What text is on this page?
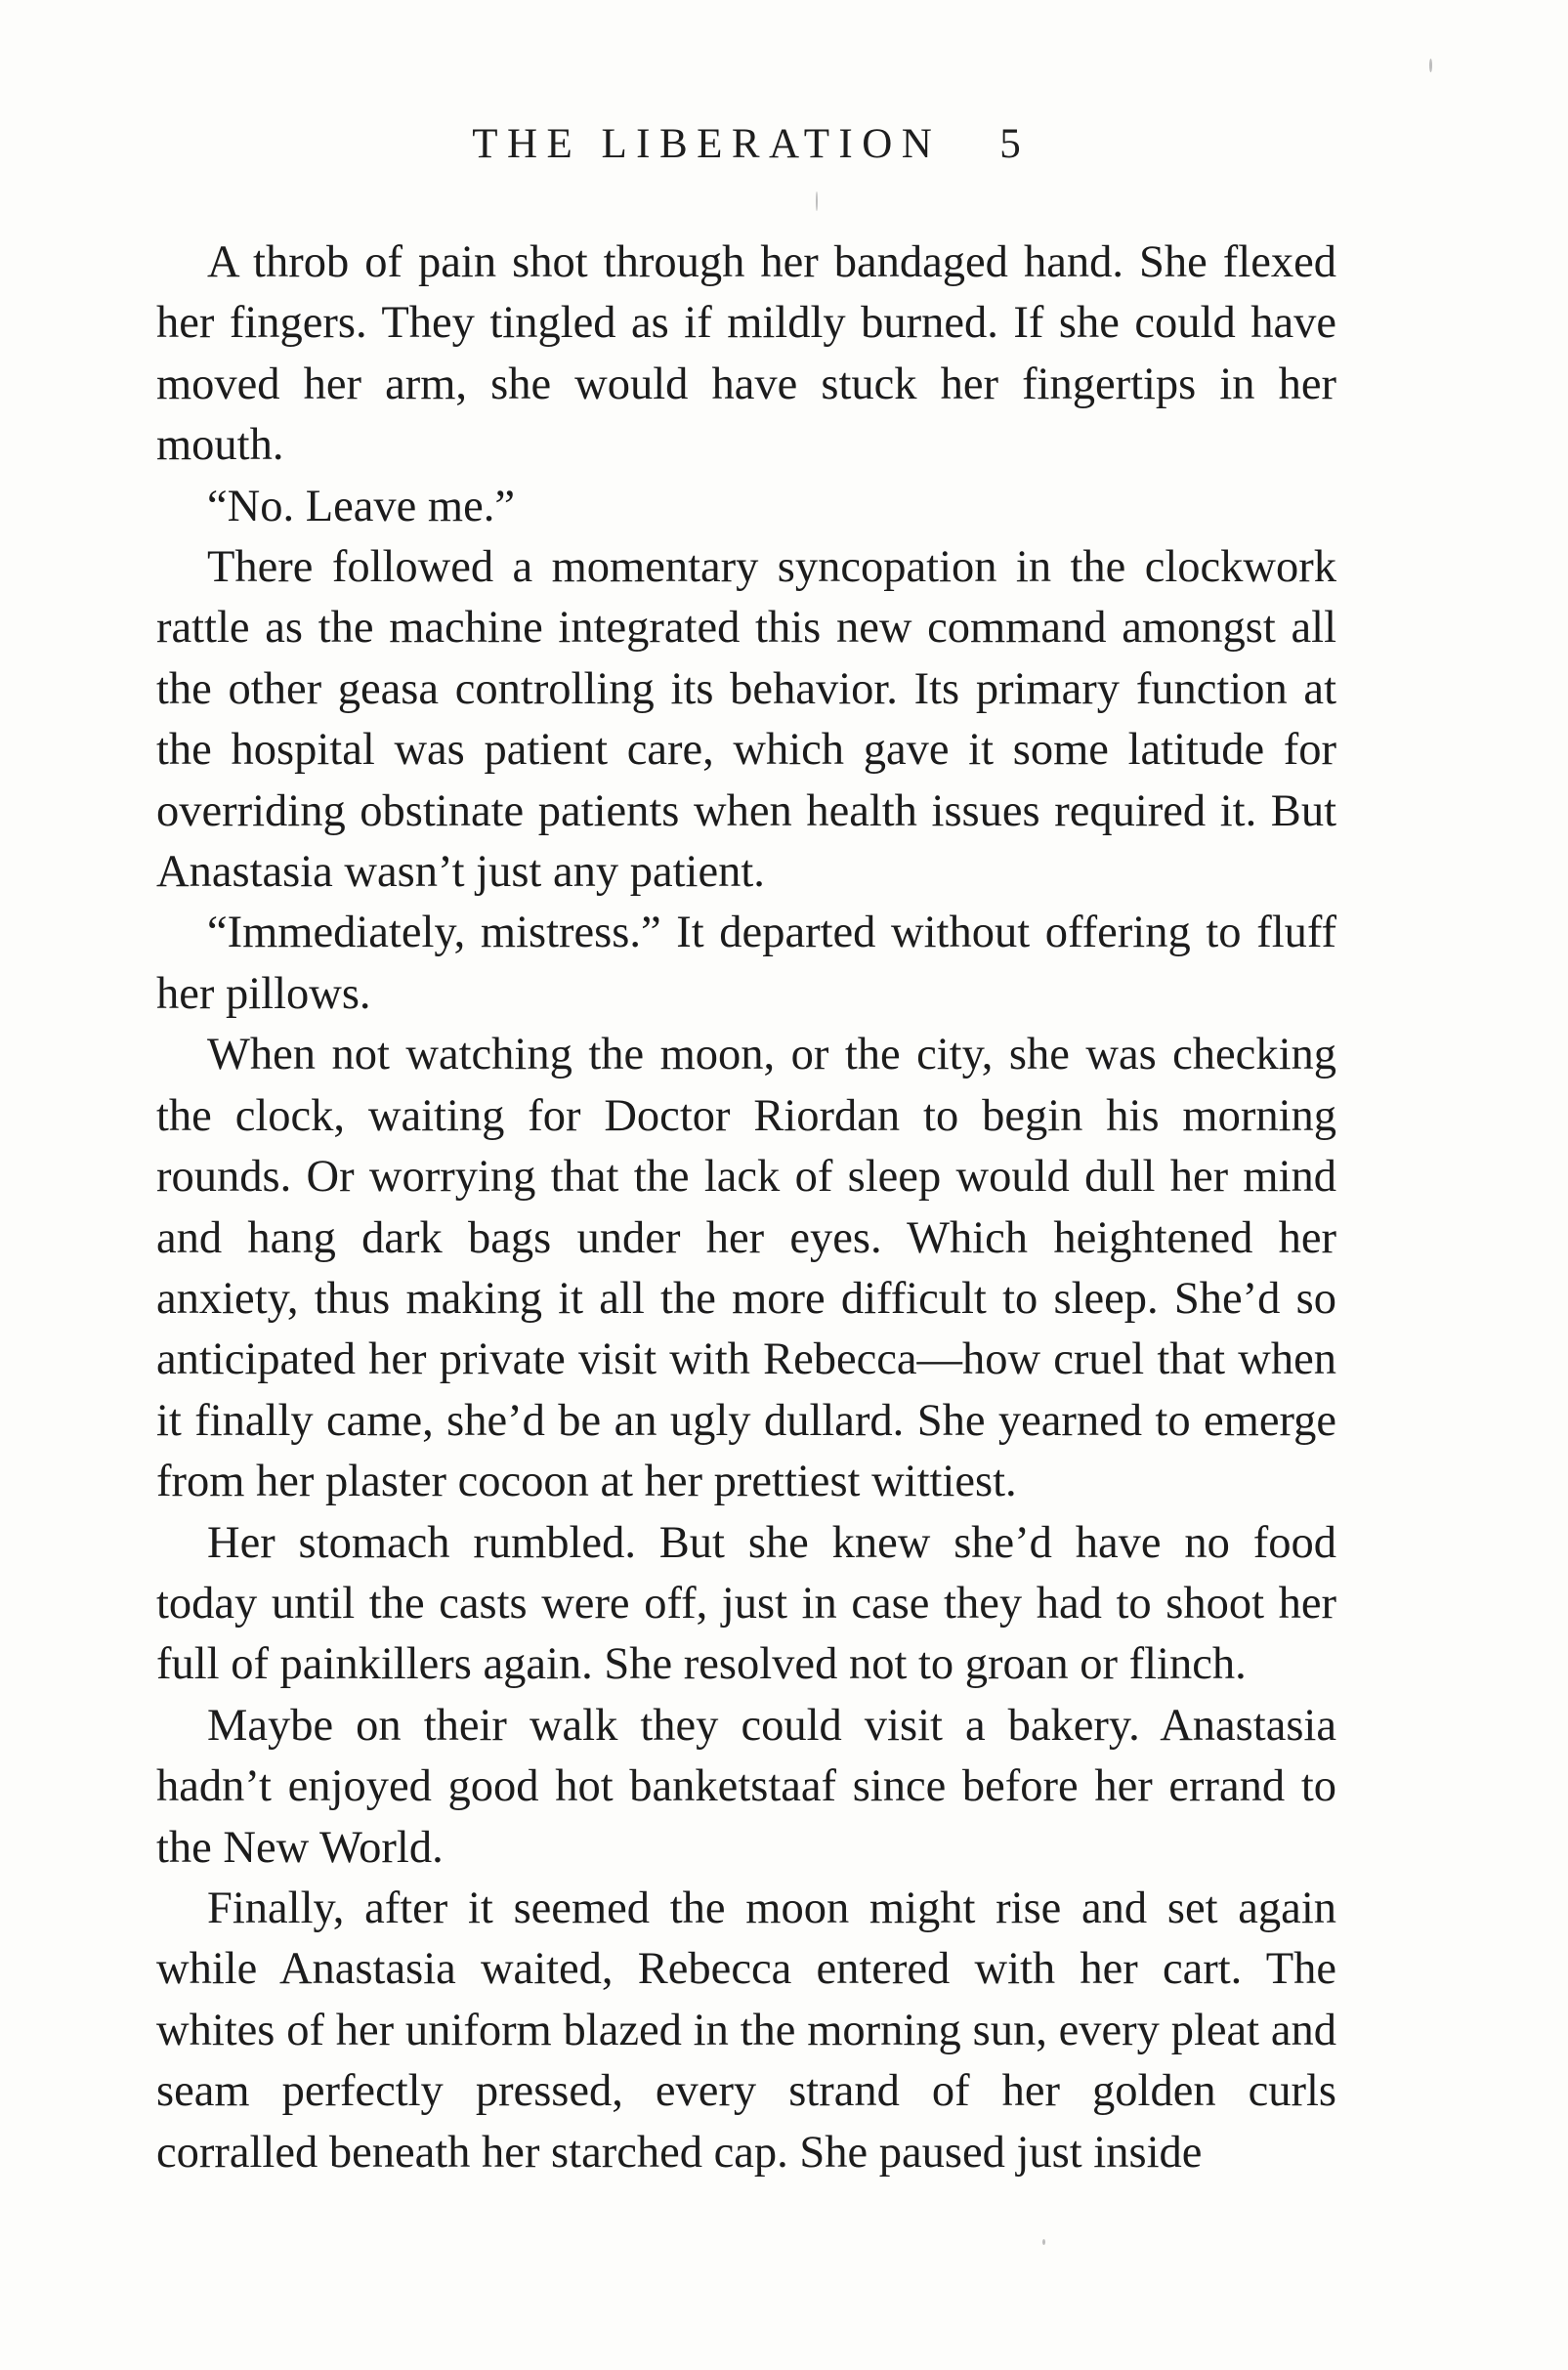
THE LIBERATION 5

A throb of pain shot through her bandaged hand. She flexed her fingers. They tingled as if mildly burned. If she could have moved her arm, she would have stuck her fingertips in her mouth.

“No. Leave me.”

There followed a momentary syncopation in the clockwork rattle as the machine integrated this new command amongst all the other geasa controlling its behavior. Its primary function at the hospital was patient care, which gave it some latitude for overriding obstinate patients when health issues required it. But Anastasia wasn’t just any patient.

“Immediately, mistress.” It departed without offering to fluff her pillows.

When not watching the moon, or the city, she was checking the clock, waiting for Doctor Riordan to begin his morning rounds. Or worrying that the lack of sleep would dull her mind and hang dark bags under her eyes. Which heightened her anxiety, thus making it all the more difficult to sleep. She’d so anticipated her private visit with Rebecca—how cruel that when it finally came, she’d be an ugly dullard. She yearned to emerge from her plaster cocoon at her prettiest wittiest.

Her stomach rumbled. But she knew she’d have no food today until the casts were off, just in case they had to shoot her full of painkillers again. She resolved not to groan or flinch.

Maybe on their walk they could visit a bakery. Anastasia hadn’t enjoyed good hot banketstaaf since before her errand to the New World.

Finally, after it seemed the moon might rise and set again while Anastasia waited, Rebecca entered with her cart. The whites of her uniform blazed in the morning sun, every pleat and seam perfectly pressed, every strand of her golden curls corralled beneath her starched cap. She paused just inside
